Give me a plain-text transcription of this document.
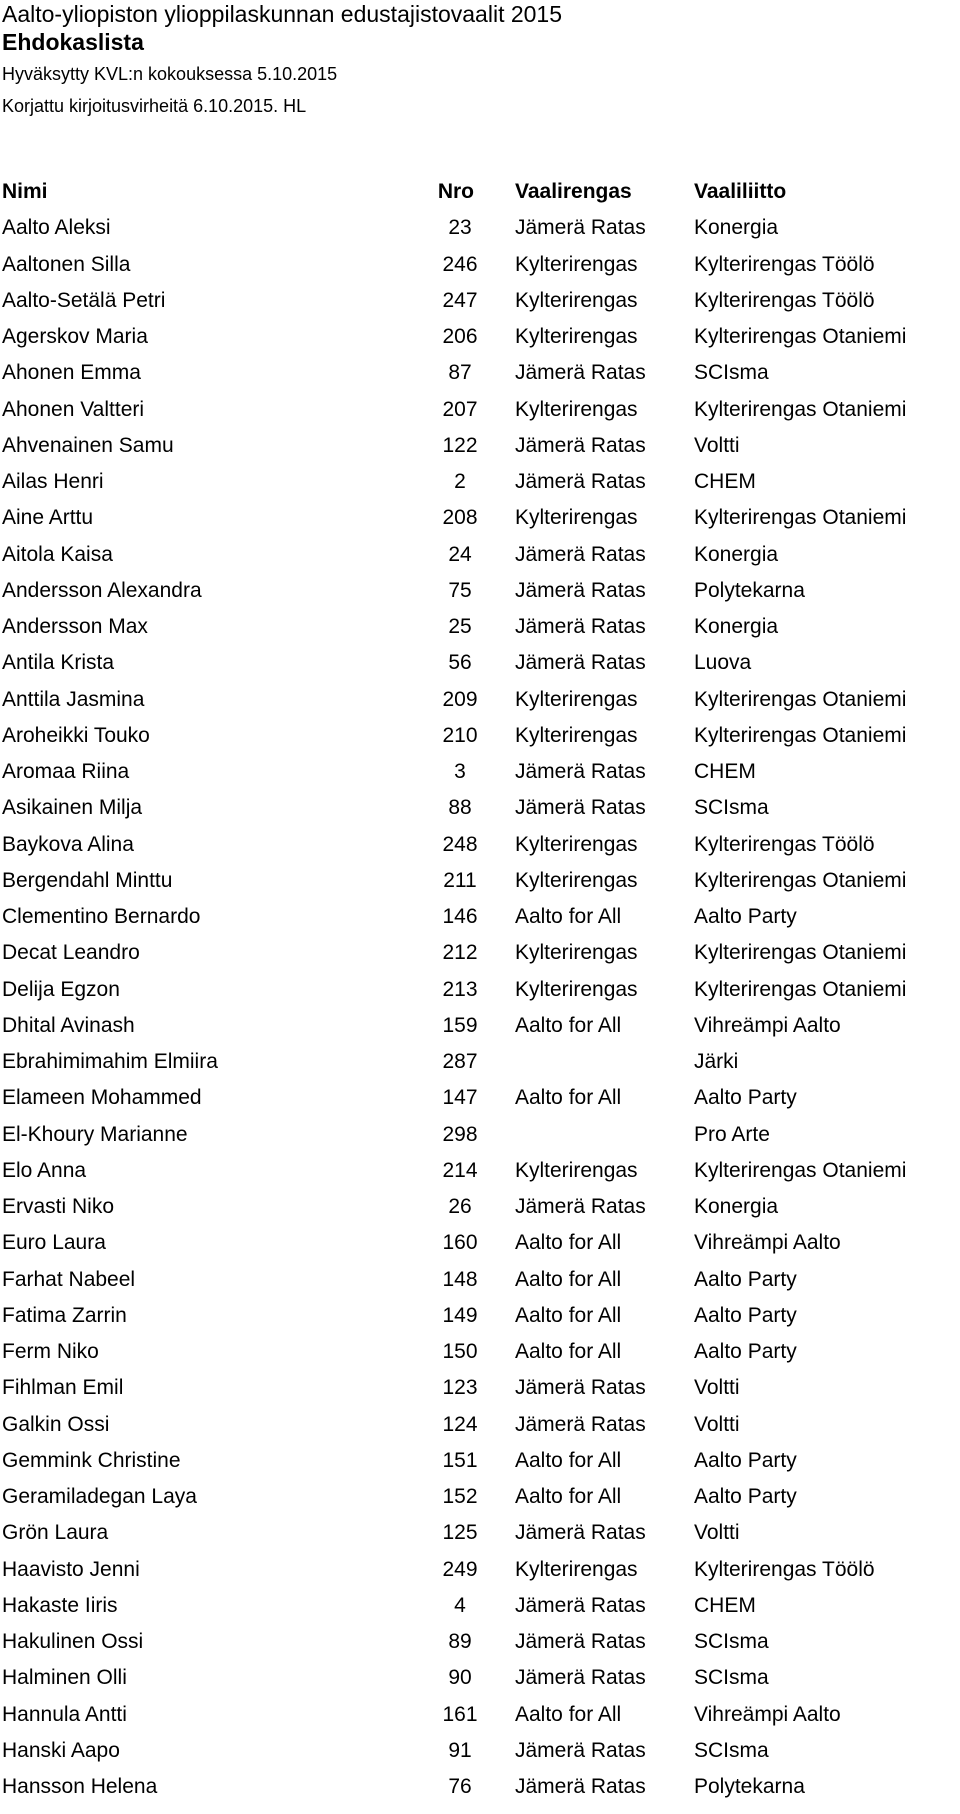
Aalto-yliopiston ylioppilaskunnan edustajistovaalit 2015
Ehdokaslista
Hyväksytty KVL:n kokouksessa 5.10.2015
Korjattu kirjoitusvirheitä 6.10.2015. HL
Nimi	Nro	Vaalirengas	Vaaliliitto
Aalto Aleksi	23	Jämerä Ratas	Konergia
Aaltonen Silla	246	Kylterirengas	Kylterirengas Töölö
Aalto-Setälä Petri	247	Kylterirengas	Kylterirengas Töölö
Agerskov Maria	206	Kylterirengas	Kylterirengas Otaniemi
Ahonen Emma	87	Jämerä Ratas	SCIsma
Ahonen Valtteri	207	Kylterirengas	Kylterirengas Otaniemi
Ahvenainen Samu	122	Jämerä Ratas	Voltti
Ailas Henri	2	Jämerä Ratas	CHEM
Aine Arttu	208	Kylterirengas	Kylterirengas Otaniemi
Aitola Kaisa	24	Jämerä Ratas	Konergia
Andersson Alexandra	75	Jämerä Ratas	Polytekarna
Andersson Max	25	Jämerä Ratas	Konergia
Antila Krista	56	Jämerä Ratas	Luova
Anttila Jasmina	209	Kylterirengas	Kylterirengas Otaniemi
Aroheikki Touko	210	Kylterirengas	Kylterirengas Otaniemi
Aromaa Riina	3	Jämerä Ratas	CHEM
Asikainen Milja	88	Jämerä Ratas	SCIsma
Baykova Alina	248	Kylterirengas	Kylterirengas Töölö
Bergendahl Minttu	211	Kylterirengas	Kylterirengas Otaniemi
Clementino Bernardo	146	Aalto for All	Aalto Party
Decat Leandro	212	Kylterirengas	Kylterirengas Otaniemi
Delija Egzon	213	Kylterirengas	Kylterirengas Otaniemi
Dhital Avinash	159	Aalto for All	Vihreämpi Aalto
Ebrahimimahim Elmiira	287		Järki
Elameen Mohammed	147	Aalto for All	Aalto Party
El-Khoury Marianne	298		Pro Arte
Elo Anna	214	Kylterirengas	Kylterirengas Otaniemi
Ervasti Niko	26	Jämerä Ratas	Konergia
Euro Laura	160	Aalto for All	Vihreämpi Aalto
Farhat Nabeel	148	Aalto for All	Aalto Party
Fatima Zarrin	149	Aalto for All	Aalto Party
Ferm Niko	150	Aalto for All	Aalto Party
Fihlman Emil	123	Jämerä Ratas	Voltti
Galkin Ossi	124	Jämerä Ratas	Voltti
Gemmink Christine	151	Aalto for All	Aalto Party
Geramiladegan Laya	152	Aalto for All	Aalto Party
Grön Laura	125	Jämerä Ratas	Voltti
Haavisto Jenni	249	Kylterirengas	Kylterirengas Töölö
Hakaste Iiris	4	Jämerä Ratas	CHEM
Hakulinen Ossi	89	Jämerä Ratas	SCIsma
Halminen Olli	90	Jämerä Ratas	SCIsma
Hannula Antti	161	Aalto for All	Vihreämpi Aalto
Hanski Aapo	91	Jämerä Ratas	SCIsma
Hansson Helena	76	Jämerä Ratas	Polytekarna
